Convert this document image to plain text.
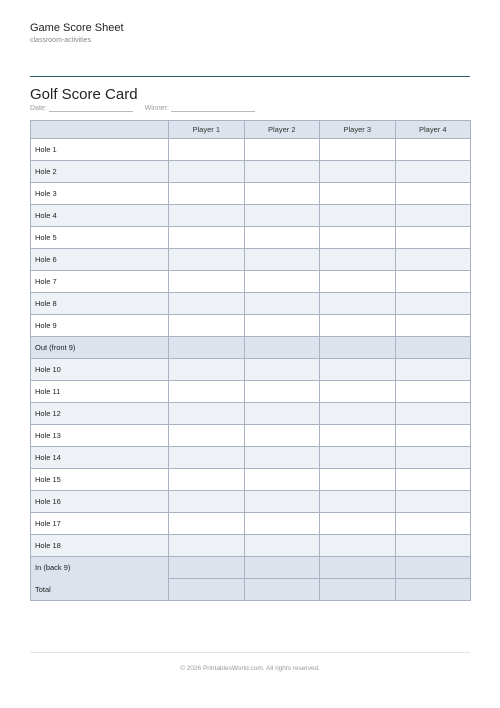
Game Score Sheet
classroom-activities
Golf Score Card
Date:	Winner:
	Player 1	Player 2	Player 3	Player 4
Hole 1				
Hole 2				
Hole 3				
Hole 4				
Hole 5				
Hole 6				
Hole 7				
Hole 8				
Hole 9				
Out (front 9)				
Hole 10				
Hole 11				
Hole 12				
Hole 13				
Hole 14				
Hole 15				
Hole 16				
Hole 17				
Hole 18				
In (back 9)				
Total				
© 2026 PrintablesWorld.com. All rights reserved.
